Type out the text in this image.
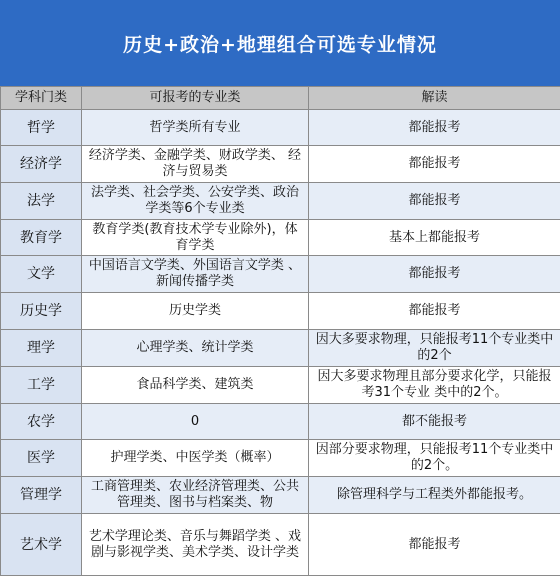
历史+政治+地理组合可选专业情况
学科门类	可报考的专业类	解读
哲学	哲学类所有专业	都能报考
经济学	经济学类、金融学类、财政学类、 经济与贸易类	都能报考
法学	法学类、社会学类、公安学类、政治学类等6个专业类	都能报考
教育学	教育学类(教育技术学专业除外)，体育学类	基本上都能报考
文学	中国语言文学类、外国语言文学类 、新闻传播学类	都能报考
历史学	历史学类	都能报考
理学	心理学类、统计学类	因大多要求物理，只能报考11个专业类中的2个
工学	食品科学类、建筑类	因大多要求物理且部分要求化学，只能报考31个专业 类中的2个。
农学	0	都不能报考
医学	护理学类、中医学类（概率）	因部分要求物理，只能报考11个专业类中的2个。
管理学	工商管理类、农业经济管理类、公共管理类、图书与档案类、物	除管理科学与工程类外都能报考。
艺术学	艺术学理论类、音乐与舞蹈学类 、戏剧与影视学类、美术学类、设计学类	都能报考
